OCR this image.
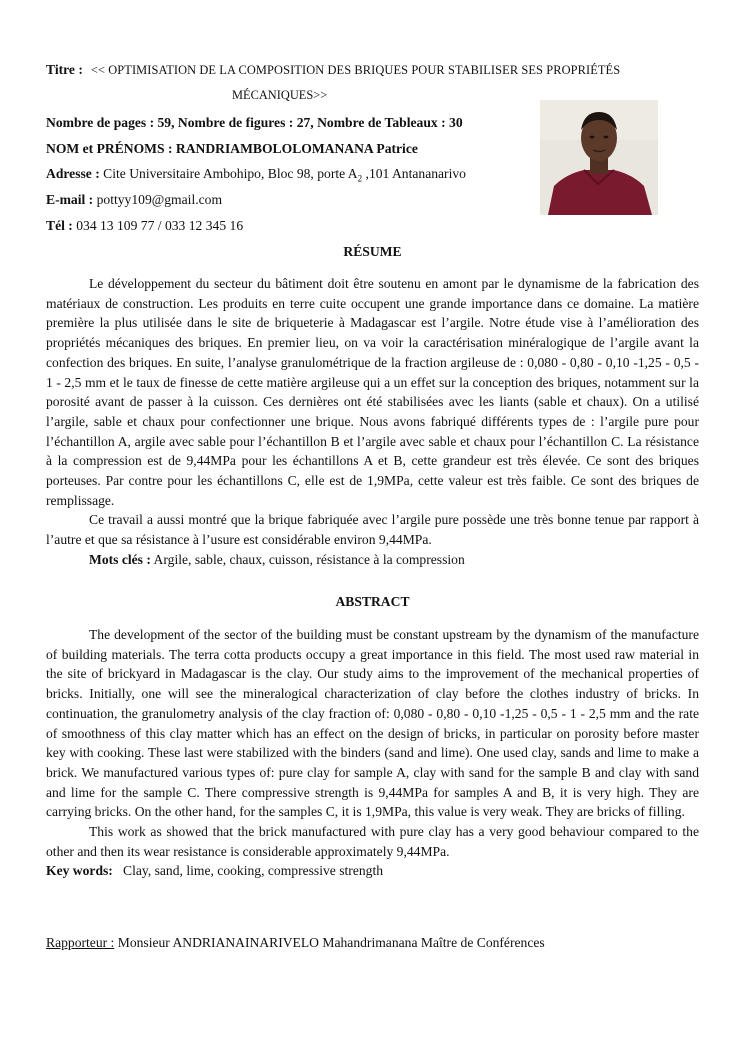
Titre : << OPTIMISATION DE LA COMPOSITION DES BRIQUES POUR STABILISER SES PROPRIÉTÉS
MÉCANIQUES>>
Nombre de pages : 59, Nombre de figures : 27, Nombre de Tableaux : 30
NOM et PRÉNOMS : RANDRIAMBOLOLOMANANA Patrice
Adresse : Cite Universitaire Ambohipo, Bloc 98, porte $A_2$ ,101 Antananarivo
E-mail : pottyy109@gmail.com
Tél : 034 13 109 77 / 033 12 345 16
RÉSUME

Le développement du secteur du bâtiment doit être soutenu en amont par le dynamisme de la fabrication des matériaux de construction. Les produits en terre cuite occupent une grande importance dans ce domaine. La matière première la plus utilisée dans le site de briqueterie à Madagascar est l’argile. Notre étude vise à l’amélioration des propriétés mécaniques des briques. En premier lieu, on va voir la caractérisation minéralogique de l’argile avant la confection des briques. En suite, l’analyse granulométrique de la fraction argileuse de : 0,080 - 0,80 - 0,10 -1,25 - 0,5 - 1 - 2,5 mm et le taux de finesse de cette matière argileuse qui a un effet sur la conception des briques, notamment sur la porosité avant de passer à la cuisson. Ces dernières ont été stabilisées avec les liants (sable et chaux). On a utilisé l’argile, sable et chaux pour confectionner une brique. Nous avons fabriqué différents types de : l’argile pure pour l’échantillon A, argile avec sable pour l’échantillon B et l’argile avec sable et chaux pour l’échantillon C. La résistance à la compression est de 9,44MPa pour les échantillons A et B, cette grandeur est très élevée. Ce sont des briques porteuses. Par contre pour les échantillons C, elle est de 1,9MPa, cette valeur est très faible. Ce sont des briques de remplissage.

Ce travail a aussi montré que la brique fabriquée avec l’argile pure possède une très bonne tenue par rapport à l’autre et que sa résistance à l’usure est considérable environ 9,44MPa.

Mots clés : Argile, sable, chaux, cuisson, résistance à la compression

ABSTRACT

The development of the sector of the building must be constant upstream by the dynamism of the manufacture of building materials. The terra cotta products occupy a great importance in this field. The most used raw material in the site of brickyard in Madagascar is the clay. Our study aims to the improvement of the mechanical properties of bricks. Initially, one will see the mineralogical characterization of clay before the clothes industry of bricks. In continuation, the granulometry analysis of the clay fraction of: 0,080 - 0,80 - 0,10 -1,25 - 0,5 - 1 - 2,5 mm and the rate of smoothness of this clay matter which has an effect on the design of bricks, in particular on porosity before master key with cooking. These last were stabilized with the binders (sand and lime). One used clay, sands and lime to make a brick. We manufactured various types of: pure clay for sample A, clay with sand for the sample B and clay with sand and lime for the sample C. There compressive strength is 9,44MPa for samples A and B, it is very high. They are carrying bricks. On the other hand, for the samples C, it is 1,9MPa, this value is very weak. They are bricks of filling.

This work as showed that the brick manufactured with pure clay has a very good behaviour compared to the other and then its wear resistance is considerable approximately 9,44MPa.

Key words:   Clay, sand, lime, cooking, compressive strength

Rapporteur : Monsieur ANDRIANAINARIVELO Mahandrimanana Maître de Conférences
